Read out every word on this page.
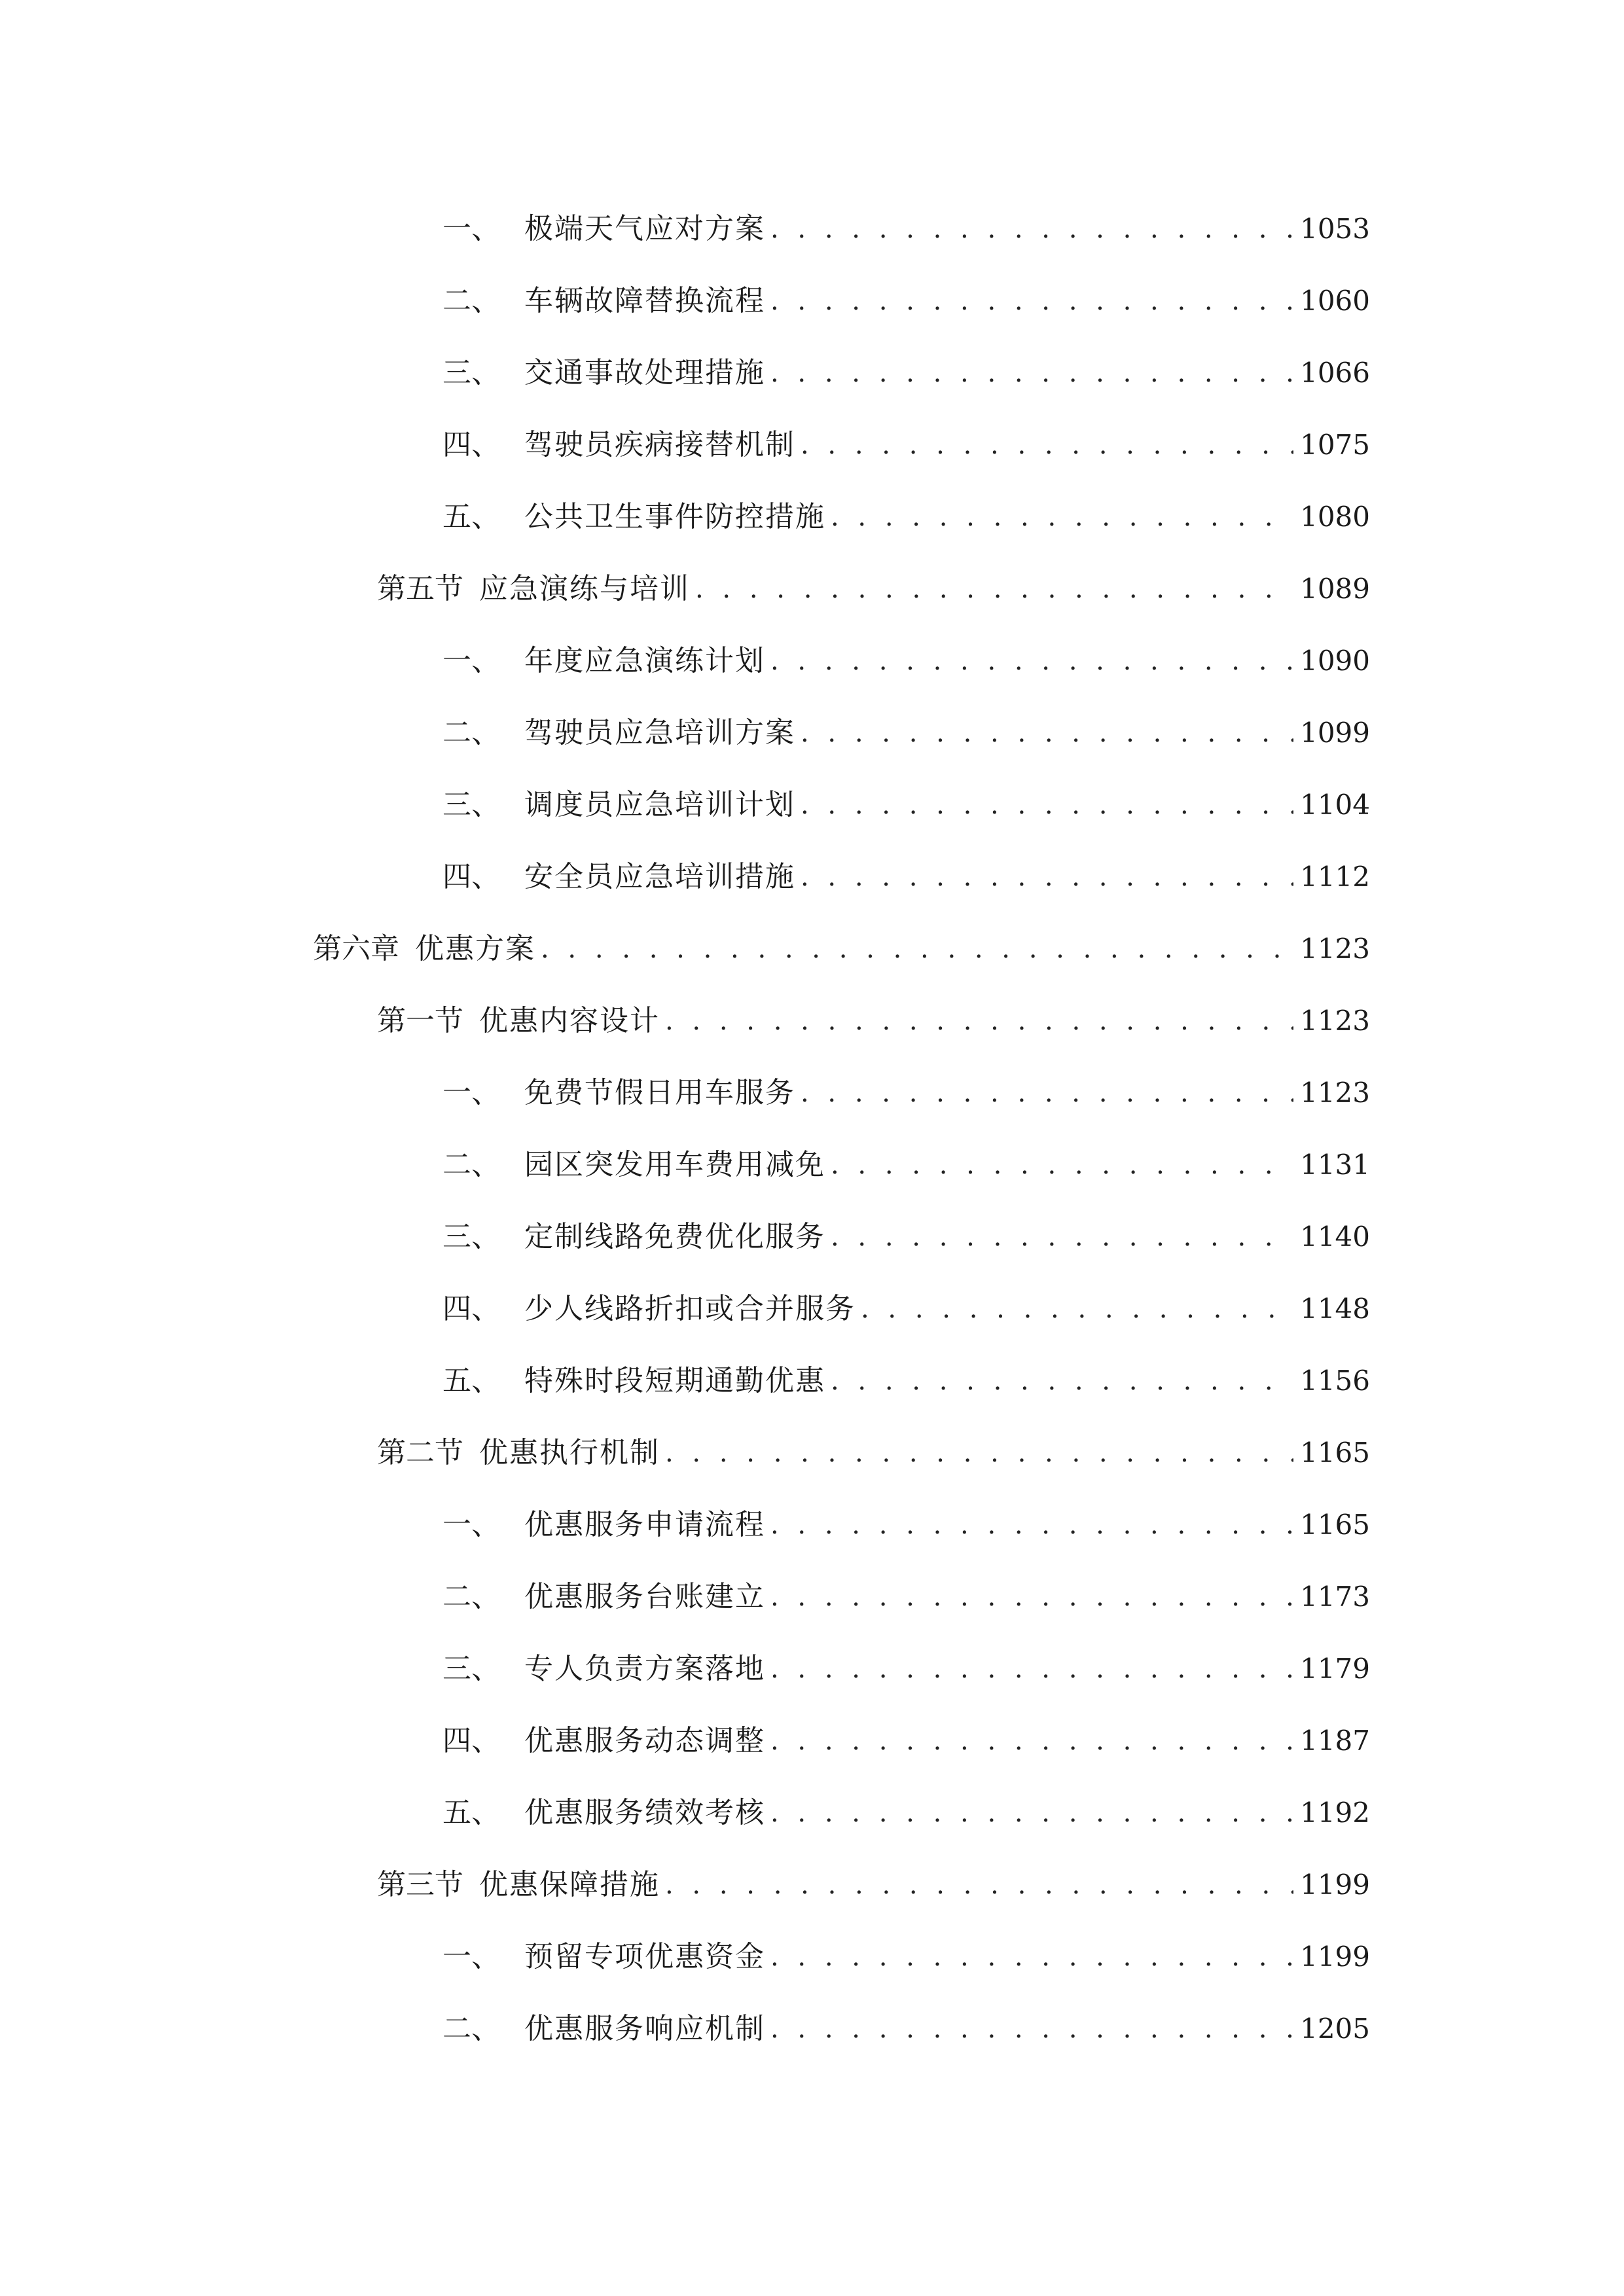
一、 极端天气应对方案 . . .	1053
二、 车辆故障替换流程 . . .	1060
三、 交通事故处理措施 . . .	1066
四、 驾驶员疾病接替机制 . . .	1075
五、 公共卫生事件防控措施 . . .	1080
第五节 应急演练与培训 . . .	1089
一、 年度应急演练计划 . . .	1090
二、 驾驶员应急培训方案 . . .	1099
三、 调度员应急培训计划 . . .	1104
四、 安全员应急培训措施 . . .	1112
第六章 优惠方案 . . .	1123
第一节 优惠内容设计 . . .	1123
一、 免费节假日用车服务 . . .	1123
二、 园区突发用车费用减免 . . .	1131
三、 定制线路免费优化服务 . . .	1140
四、 少人线路折扣或合并服务 . . .	1148
五、 特殊时段短期通勤优惠 . . .	1156
第二节 优惠执行机制 . . .	1165
一、 优惠服务申请流程 . . .	1165
二、 优惠服务台账建立 . . .	1173
三、 专人负责方案落地 . . .	1179
四、 优惠服务动态调整 . . .	1187
五、 优惠服务绩效考核 . . .	1192
第三节 优惠保障措施 . . .	1199
一、 预留专项优惠资金 . . .	1199
二、 优惠服务响应机制 . . .	1205
